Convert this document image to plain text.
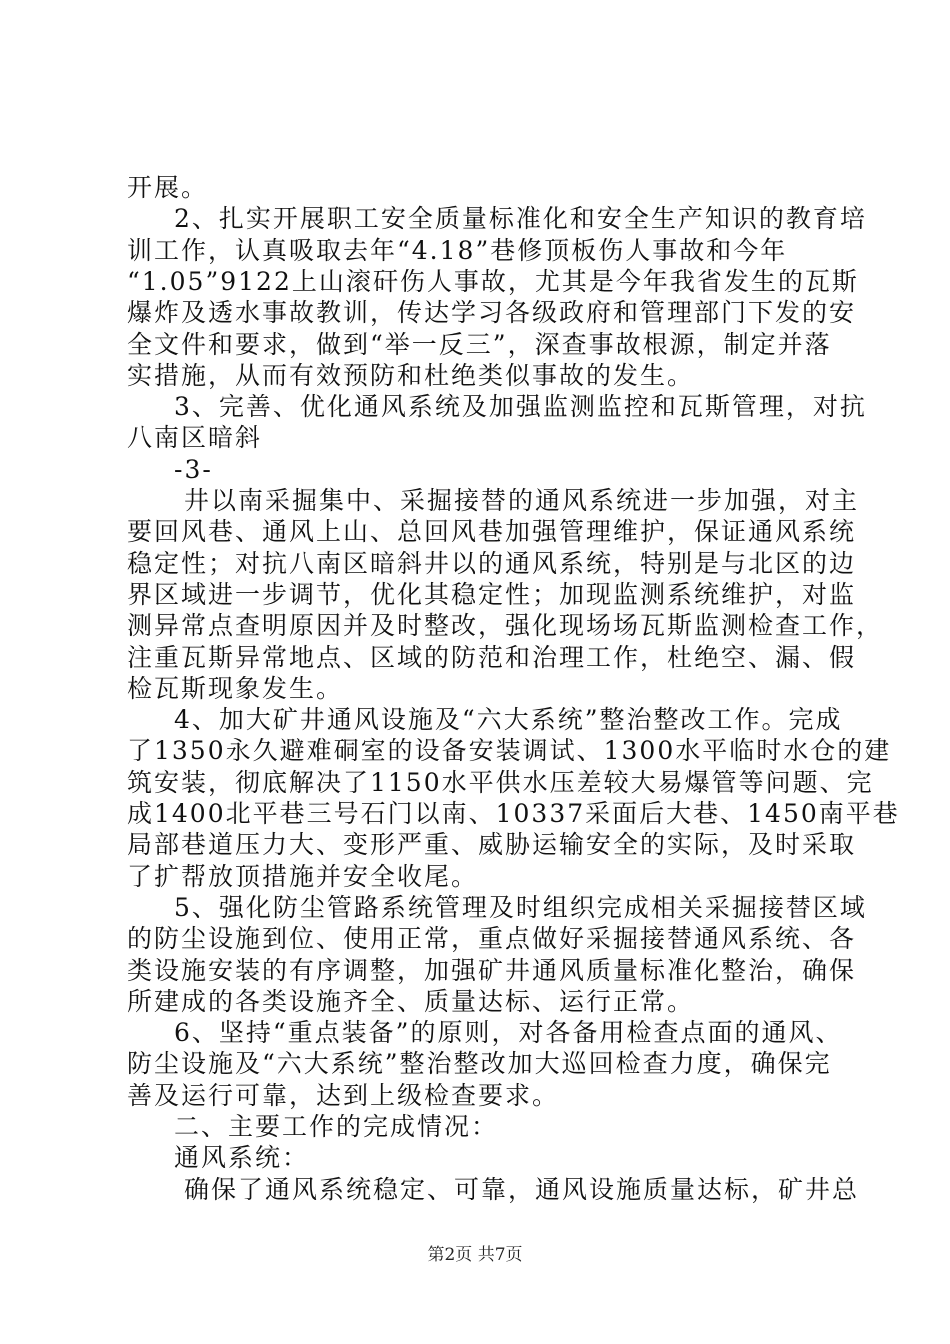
开展。
2、扎实开展职工安全质量标准化和安全生产知识的教育培
训工作，认真吸取去年“4.18”巷修顶板伤人事故和今年
“1.05”9122上山滚矸伤人事故，尤其是今年我省发生的瓦斯
爆炸及透水事故教训，传达学习各级政府和管理部门下发的安
全文件和要求，做到“举一反三”，深查事故根源，制定并落
实措施，从而有效预防和杜绝类似事故的发生。
3、完善、优化通风系统及加强监测监控和瓦斯管理，对抗
八南区暗斜
-3-
井以南采掘集中、采掘接替的通风系统进一步加强，对主
要回风巷、通风上山、总回风巷加强管理维护，保证通风系统
稳定性；对抗八南区暗斜井以的通风系统，特别是与北区的边
界区域进一步调节，优化其稳定性；加现监测系统维护，对监
测异常点查明原因并及时整改，强化现场场瓦斯监测检查工作，
注重瓦斯异常地点、区域的防范和治理工作，杜绝空、漏、假
检瓦斯现象发生。
4、加大矿井通风设施及“六大系统”整治整改工作。完成
了1350永久避难硐室的设备安装调试、1300水平临时水仓的建
筑安装，彻底解决了1150水平供水压差较大易爆管等问题、完
成1400北平巷三号石门以南、10337采面后大巷、1450南平巷
局部巷道压力大、变形严重、威胁运输安全的实际，及时采取
了扩帮放顶措施并安全收尾。
5、强化防尘管路系统管理及时组织完成相关采掘接替区域
的防尘设施到位、使用正常，重点做好采掘接替通风系统、各
类设施安装的有序调整，加强矿井通风质量标准化整治，确保
所建成的各类设施齐全、质量达标、运行正常。
6、坚持“重点装备”的原则，对各备用检查点面的通风、
防尘设施及“六大系统”整治整改加大巡回检查力度，确保完
善及运行可靠，达到上级检查要求。
二、主要工作的完成情况：
通风系统：
确保了通风系统稳定、可靠，通风设施质量达标，矿井总
第2页 共7页
